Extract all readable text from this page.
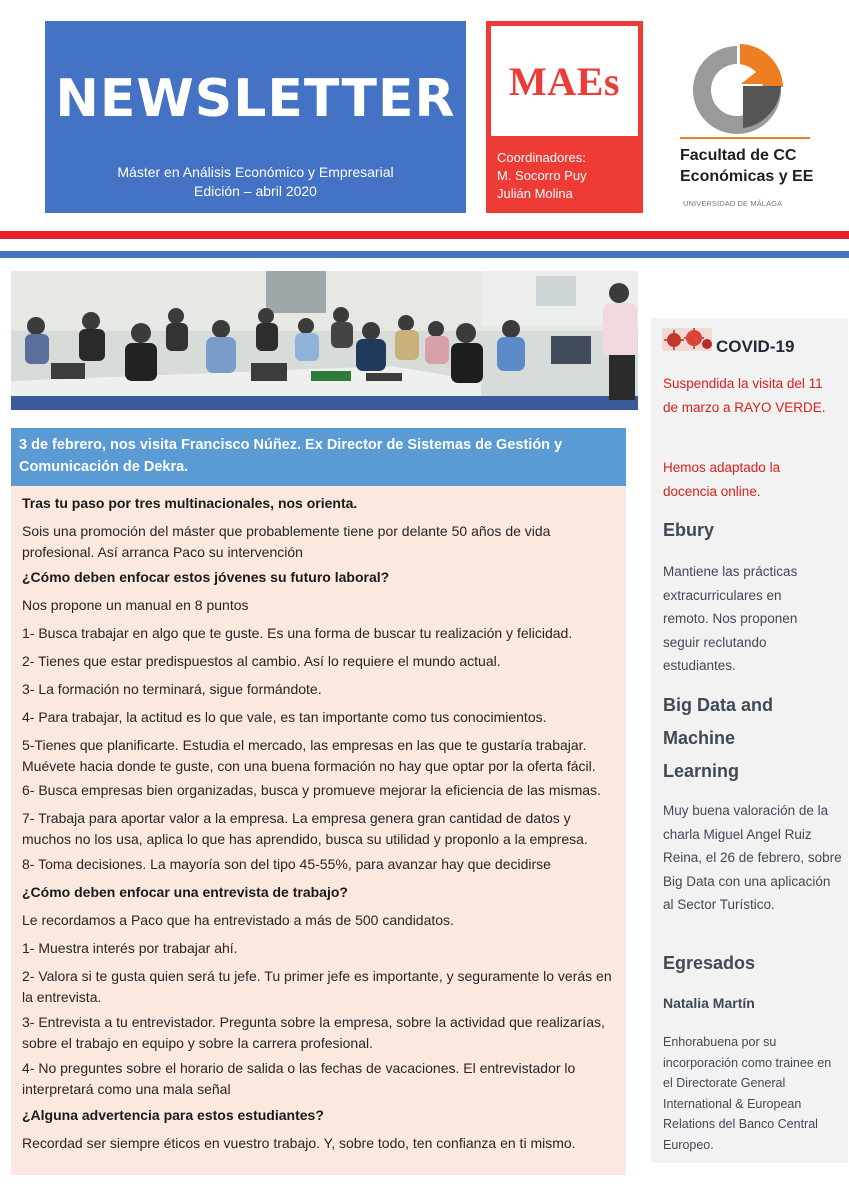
NEWSLETTER
Máster en Análisis Económico y Empresarial
Edición – abril 2020
MAEs
Coordinadores:
M. Socorro Puy
Julián Molina
Facultad de CC
Económicas y EE
UNIVERSIDAD DE MÁLAGA
3 de febrero, nos visita Francisco Núñez. Ex Director de Sistemas de Gestión y Comunicación de Dekra.
Tras tu paso por tres multinacionales, nos orienta.
Sois una promoción del máster que probablemente tiene por delante 50 años de vida profesional. Así arranca Paco su intervención
¿Cómo deben enfocar estos jóvenes su futuro laboral?
Nos propone un manual en 8 puntos
1- Busca trabajar en algo que te guste. Es una forma de buscar tu realización y felicidad.
2- Tienes que estar predispuestos al cambio. Así lo requiere el mundo actual.
3- La formación no terminará, sigue formándote.
4- Para trabajar, la actitud es lo que vale, es tan importante como tus conocimientos.
5-Tienes que planificarte. Estudia el mercado, las empresas en las que te gustaría trabajar. Muévete hacia donde te guste, con una buena formación no hay que optar por la oferta fácil.
6- Busca empresas bien organizadas, busca y promueve mejorar la eficiencia de las mismas.
7- Trabaja para aportar valor a la empresa. La empresa genera gran cantidad de datos y muchos no los usa, aplica lo que has aprendido, busca su utilidad y proponlo a la empresa.
8- Toma decisiones. La mayoría son del tipo 45-55%, para avanzar hay que decidirse
¿Cómo deben enfocar una entrevista de trabajo?
Le recordamos a Paco que ha entrevistado a más de 500 candidatos.
1- Muestra interés por trabajar ahí.
2- Valora si te gusta quien será tu jefe. Tu primer jefe es importante, y seguramente lo verás en la entrevista.
3- Entrevista a tu entrevistador. Pregunta sobre la empresa, sobre la actividad que realizarías, sobre el trabajo en equipo y sobre la carrera profesional.
4- No preguntes sobre el horario de salida o las fechas de vacaciones. El entrevistador lo interpretará como una mala señal
¿Alguna advertencia para estos estudiantes?
Recordad ser siempre éticos en vuestro trabajo. Y, sobre todo, ten confianza en ti mismo.
COVID-19
Suspendida la visita del 11 de marzo a RAYO VERDE.
Hemos adaptado la docencia online.
Ebury
Mantiene las prácticas extracurriculares en remoto. Nos proponen seguir reclutando estudiantes.
Big Data and Machine Learning
Muy buena valoración de la charla Miguel Angel Ruiz Reina, el 26 de febrero, sobre Big Data con una aplicación al Sector Turístico.
Egresados
Natalia Martín
Enhorabuena por su incorporación como trainee en el Directorate General International & European Relations del Banco Central Europeo.
